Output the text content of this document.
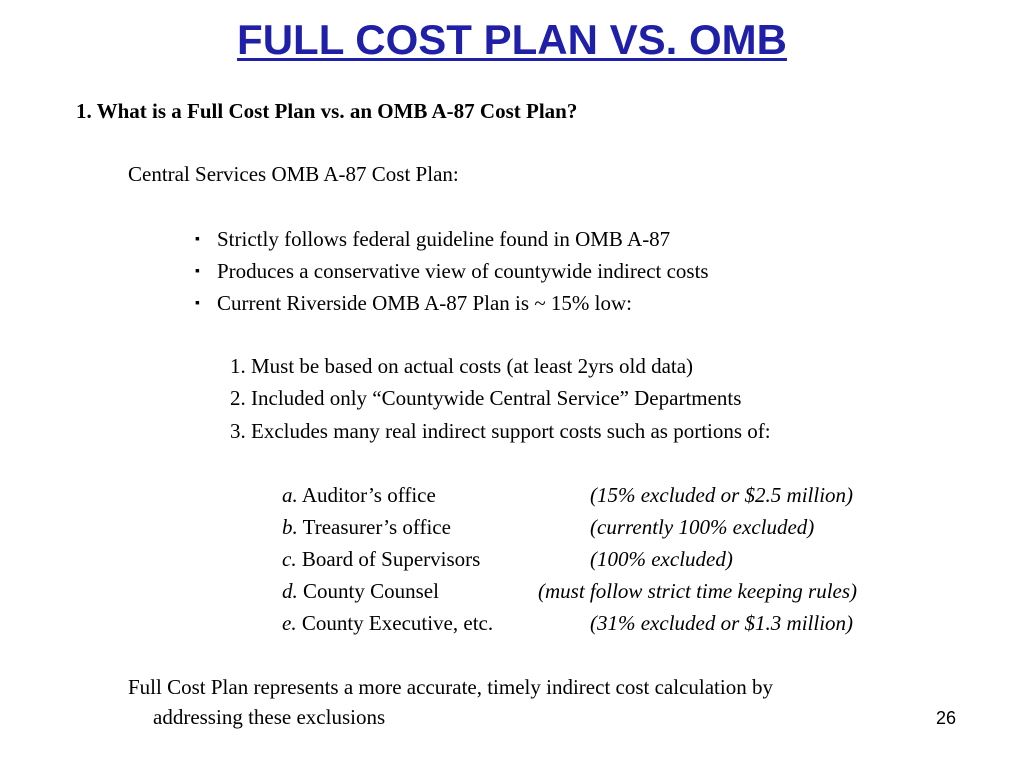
FULL COST PLAN VS. OMB
1. What is a Full Cost Plan vs. an OMB A-87 Cost Plan?
Central Services OMB A-87 Cost Plan:
▪ Strictly follows federal guideline found in OMB A-87
▪ Produces a conservative view of countywide indirect costs
▪ Current Riverside OMB A-87 Plan is ~ 15% low:
1. Must be based on actual costs (at least 2yrs old data)
2. Included only “Countywide Central Service” Departments
3. Excludes many real indirect support costs such as portions of:
a. Auditor’s office	(15% excluded or $2.5 million)
b. Treasurer’s office	(currently 100% excluded)
c. Board of Supervisors	(100% excluded)
d. County Counsel	(must follow strict time keeping rules)
e. County Executive, etc.	(31% excluded or $1.3 million)
Full Cost Plan represents a more accurate, timely indirect cost calculation by
addressing these exclusions	26
